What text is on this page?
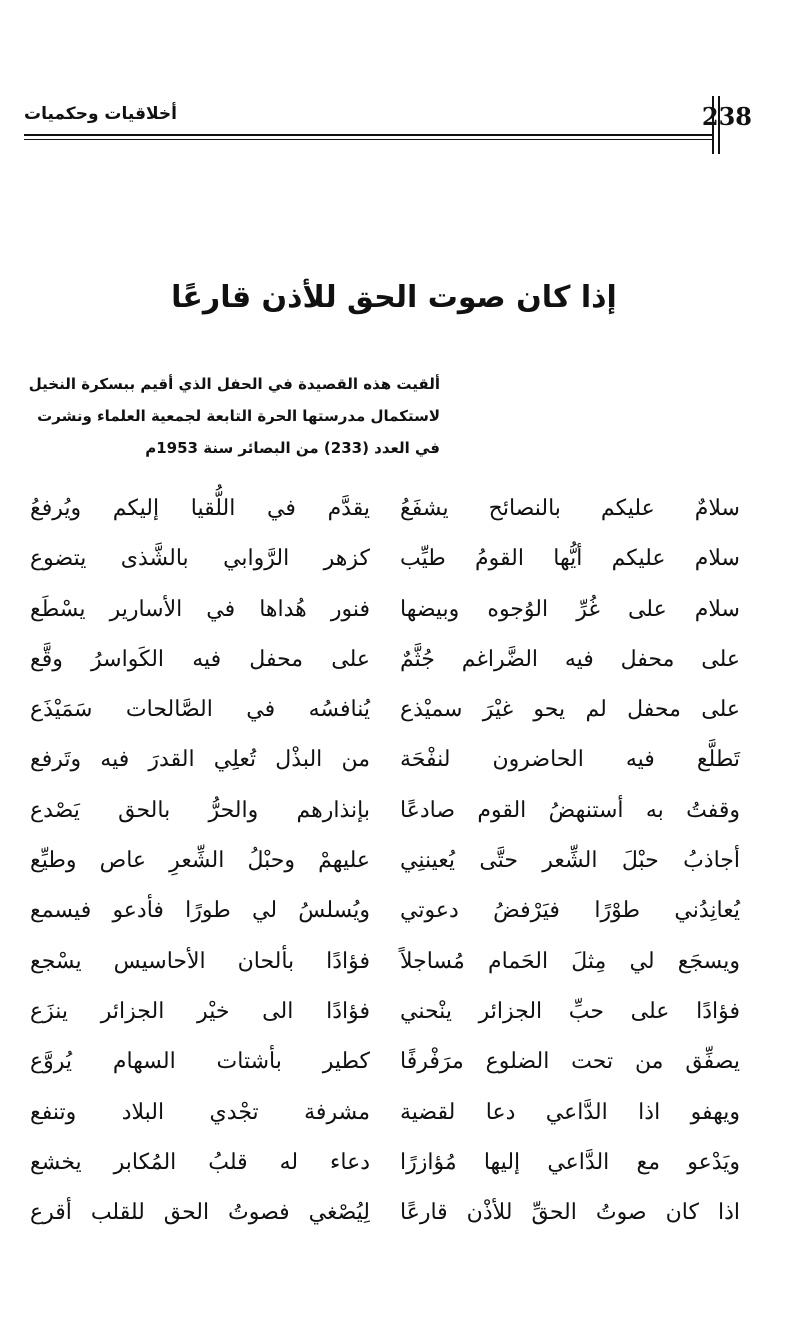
238
أخلاقيات وحكميات
إذا كان صوت الحق للأذن قارعًا
ألقيت هذه القصيدة في الحفل الذي أقيم ببسكرة النخيل
لاستكمال مدرستها الحرة التابعة لجمعية العلماء ونشرت
في العدد (233) من البصائر سنة 1953م
سلامٌ عليكم بالنصائح يشفَعُ
يقدَّم في اللُّقيا إليكم ويُرفعُ
سلام عليكم أيُّها القومُ طيِّب
كزهر الرَّوابي بالشَّذى يتضوع
سلام على غُرِّ الوُجوه وبيضها
فنور هُداها في الأسارير يسْطَع
على محفل فيه الضَّراغم جُثَّمٌ
على محفل فيه الكَواسرُ وقَّع
على محفل لم يحو غيْرَ سميْذع
يُنافسُه في الصَّالحات سَمَيْذَع
تَطلَّع فيه الحاضرون لنفْحَة
من البذْل تُعلِي القدرَ فيه وتَرفع
وقفتُ به أستنهضُ القوم صادعًا
بإنذارهم والحرُّ بالحق يَصْدع
أجاذبُ حبْلَ الشِّعر حتَّى يُعيننِي
عليهمْ وحبْلُ الشِّعرِ عاص وطيِّع
يُعانِدُني طوْرًا فيَرْفضُ دعوتي
ويُسلسُ لي طورًا فأدعو فيسمع
ويسجَع لي مِثلَ الحَمام مُساجلاً
فؤادًا بألحان الأحاسيس يسْجع
فؤادًا على حبِّ الجزائر ينْحني
فؤادًا الى خيْر الجزائر ينزَع
يصفِّق من تحت الضلوع مرَفْرفًا
كطير بأشتات السهام يُروَّع
ويهفو اذا الدَّاعي دعا لقضية
مشرفة تجْدي البلاد وتنفع
ويَدْعو مع الدَّاعي إليها مُؤازرًا
دعاء له قلبُ المُكابر يخشع
اذا كان صوتُ الحقِّ للأذْن قارعًا
لِيُصْغي فصوتُ الحق للقلب أقرع
